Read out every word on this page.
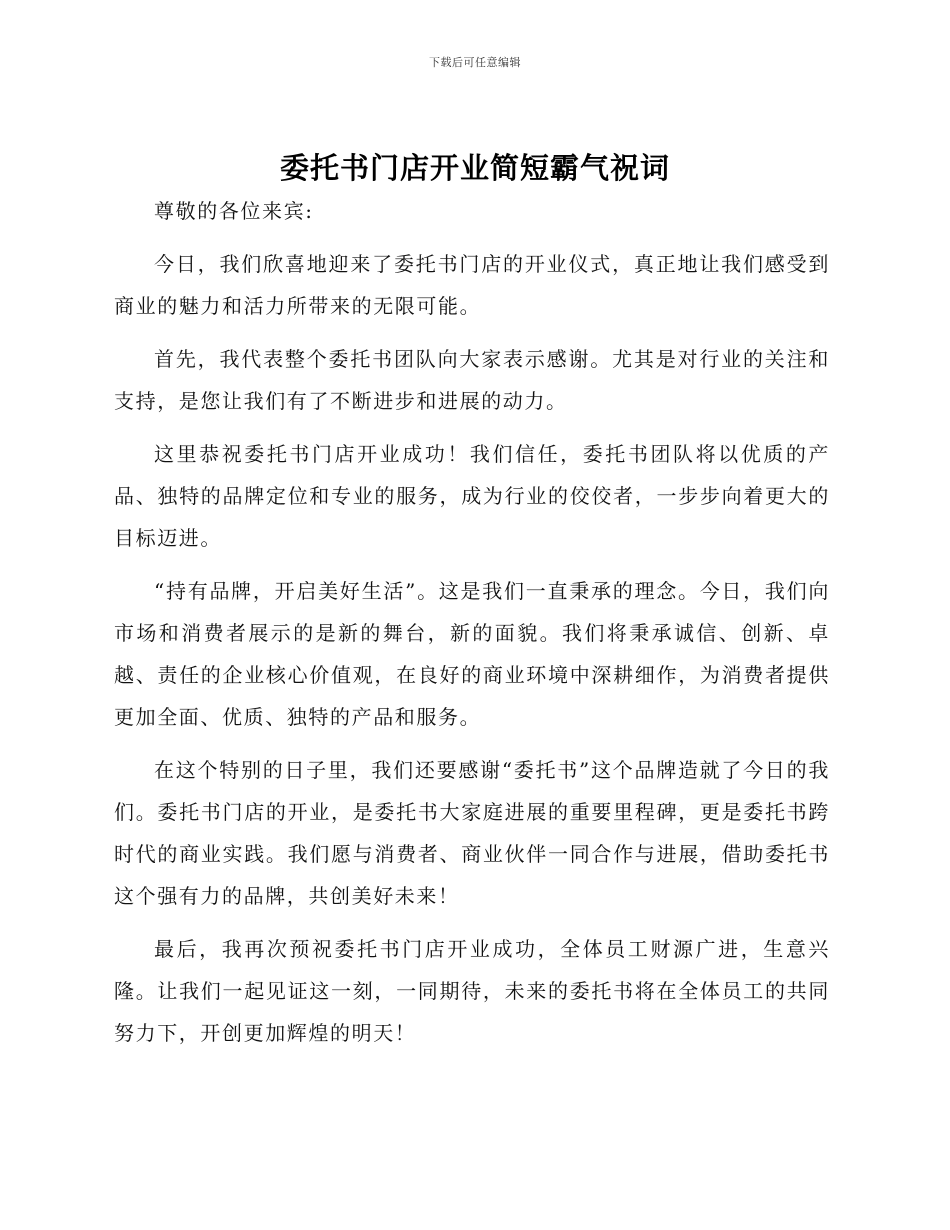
下载后可任意编辑
委托书门店开业简短霸气祝词

尊敬的各位来宾:

今日，我们欣喜地迎来了委托书门店的开业仪式，真正地让我们感受到商业的魅力和活力所带来的无限可能。

首先，我代表整个委托书团队向大家表示感谢。尤其是对行业的关注和支持，是您让我们有了不断进步和进展的动力。

这里恭祝委托书门店开业成功！我们信任，委托书团队将以优质的产品、独特的品牌定位和专业的服务，成为行业的佼佼者，一步步向着更大的目标迈进。

“持有品牌，开启美好生活”。这是我们一直秉承的理念。今日，我们向市场和消费者展示的是新的舞台，新的面貌。我们将秉承诚信、创新、卓越、责任的企业核心价值观，在良好的商业环境中深耕细作，为消费者提供更加全面、优质、独特的产品和服务。

在这个特别的日子里，我们还要感谢“委托书”这个品牌造就了今日的我们。委托书门店的开业，是委托书大家庭进展的重要里程碑，更是委托书跨时代的商业实践。我们愿与消费者、商业伙伴一同合作与进展，借助委托书这个强有力的品牌，共创美好未来！

最后，我再次预祝委托书门店开业成功，全体员工财源广进，生意兴隆。让我们一起见证这一刻，一同期待，未来的委托书将在全体员工的共同努力下，开创更加辉煌的明天！
